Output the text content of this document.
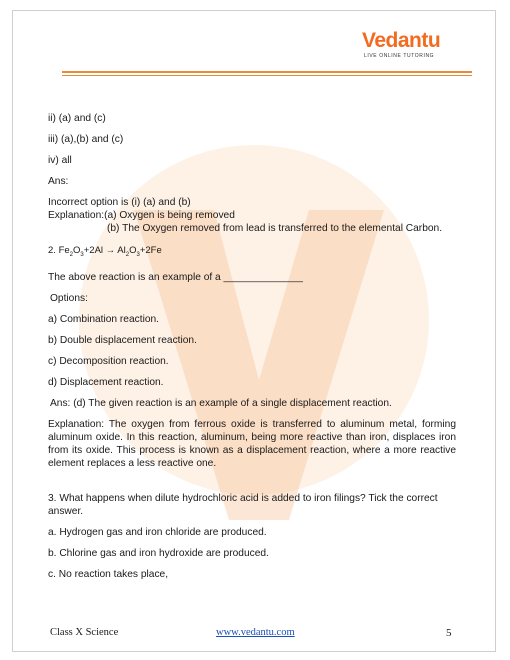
Vedantu
LIVE ONLINE TUTORING

ii) (a) and (c)

iii) (a),(b) and (c)

iv) all

Ans:

Incorrect option is (i) (a) and (b)

Explanation:(a) Oxygen is being removed

(b) The Oxygen removed from lead is transferred to the elemental Carbon.

2. $Fe_2O_3+2Al \to Al_2O_3+2Fe$

The above reaction is an example of a ______________

Options:

a) Combination reaction.

b) Double displacement reaction.

c) Decomposition reaction.

d) Displacement reaction.

Ans: (d) The given reaction is an example of a single displacement reaction.

Explanation: The oxygen from ferrous oxide is transferred to aluminum metal, forming aluminum oxide. In this reaction, aluminum, being more reactive than iron, displaces iron from its oxide. This process is known as a displacement reaction, where a more reactive element replaces a less reactive one.

3. What happens when dilute hydrochloric acid is added to iron filings? Tick the correct answer.

a. Hydrogen gas and iron chloride are produced.

b. Chlorine gas and iron hydroxide are produced.

c. No reaction takes place,

Class X Science	www.vedantu.com	5
